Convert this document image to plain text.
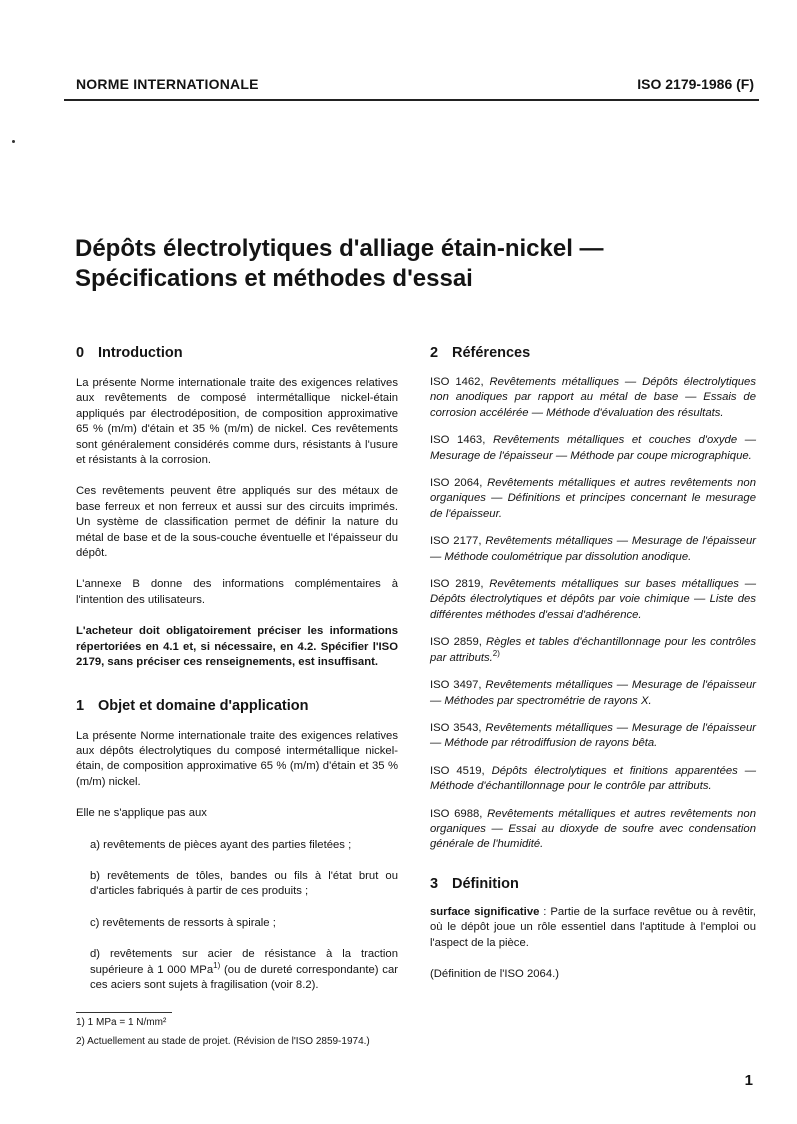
NORME INTERNATIONALE	ISO 2179-1986 (F)
Dépôts électrolytiques d'alliage étain-nickel —
Spécifications et méthodes d'essai
0 Introduction

La présente Norme internationale traite des exigences relatives aux revêtements de composé intermétallique nickel-étain appliqués par électrodéposition, de composition approximative 65 % (m/m) d'étain et 35 % (m/m) de nickel. Ces revêtements sont généralement considérés comme durs, résistants à l'usure et résistants à la corrosion.

Ces revêtements peuvent être appliqués sur des métaux de base ferreux et non ferreux et aussi sur des circuits imprimés. Un système de classification permet de définir la nature du métal de base et de la sous-couche éventuelle et l'épaisseur du dépôt.

L'annexe B donne des informations complémentaires à l'intention des utilisateurs.

L'acheteur doit obligatoirement préciser les informations répertoriées en 4.1 et, si nécessaire, en 4.2. Spécifier l'ISO 2179, sans préciser ces renseignements, est insuffisant.

1 Objet et domaine d'application

La présente Norme internationale traite des exigences relatives aux dépôts électrolytiques du composé intermétallique nickel-étain, de composition approximative 65 % (m/m) d'étain et 35 % (m/m) nickel.

Elle ne s'applique pas aux

a) revêtements de pièces ayant des parties filetées ;

b) revêtements de tôles, bandes ou fils à l'état brut ou d'articles fabriqués à partir de ces produits ;

c) revêtements de ressorts à spirale ;

d) revêtements sur acier de résistance à la traction supérieure à 1 000 MPa$^{1)}$ (ou de dureté correspondante) car ces aciers sont sujets à fragilisation (voir 8.2).

2 Références

ISO 1462, Revêtements métalliques — Dépôts électrolytiques non anodiques par rapport au métal de base — Essais de corrosion accélérée — Méthode d'évaluation des résultats.

ISO 1463, Revêtements métalliques et couches d'oxyde — Mesurage de l'épaisseur — Méthode par coupe micrographique.

ISO 2064, Revêtements métalliques et autres revêtements non organiques — Définitions et principes concernant le mesurage de l'épaisseur.

ISO 2177, Revêtements métalliques — Mesurage de l'épaisseur — Méthode coulométrique par dissolution anodique.

ISO 2819, Revêtements métalliques sur bases métalliques — Dépôts électrolytiques et dépôts par voie chimique — Liste des différentes méthodes d'essai d'adhérence.

ISO 2859, Règles et tables d'échantillonnage pour les contrôles par attributs.$^{2)}$

ISO 3497, Revêtements métalliques — Mesurage de l'épaisseur — Méthodes par spectrométrie de rayons X.

ISO 3543, Revêtements métalliques — Mesurage de l'épaisseur — Méthode par rétrodiffusion de rayons bêta.

ISO 4519, Dépôts électrolytiques et finitions apparentées — Méthode d'échantillonnage pour le contrôle par attributs.

ISO 6988, Revêtements métalliques et autres revêtements non organiques — Essai au dioxyde de soufre avec condensation générale de l'humidité.

3 Définition

surface significative : Partie de la surface revêtue ou à revêtir, où le dépôt joue un rôle essentiel dans l'aptitude à l'emploi ou l'aspect de la pièce.

(Définition de l'ISO 2064.)

1) 1 MPa = 1 N/mm²
2) Actuellement au stade de projet. (Révision de l'ISO 2859-1974.)
1
